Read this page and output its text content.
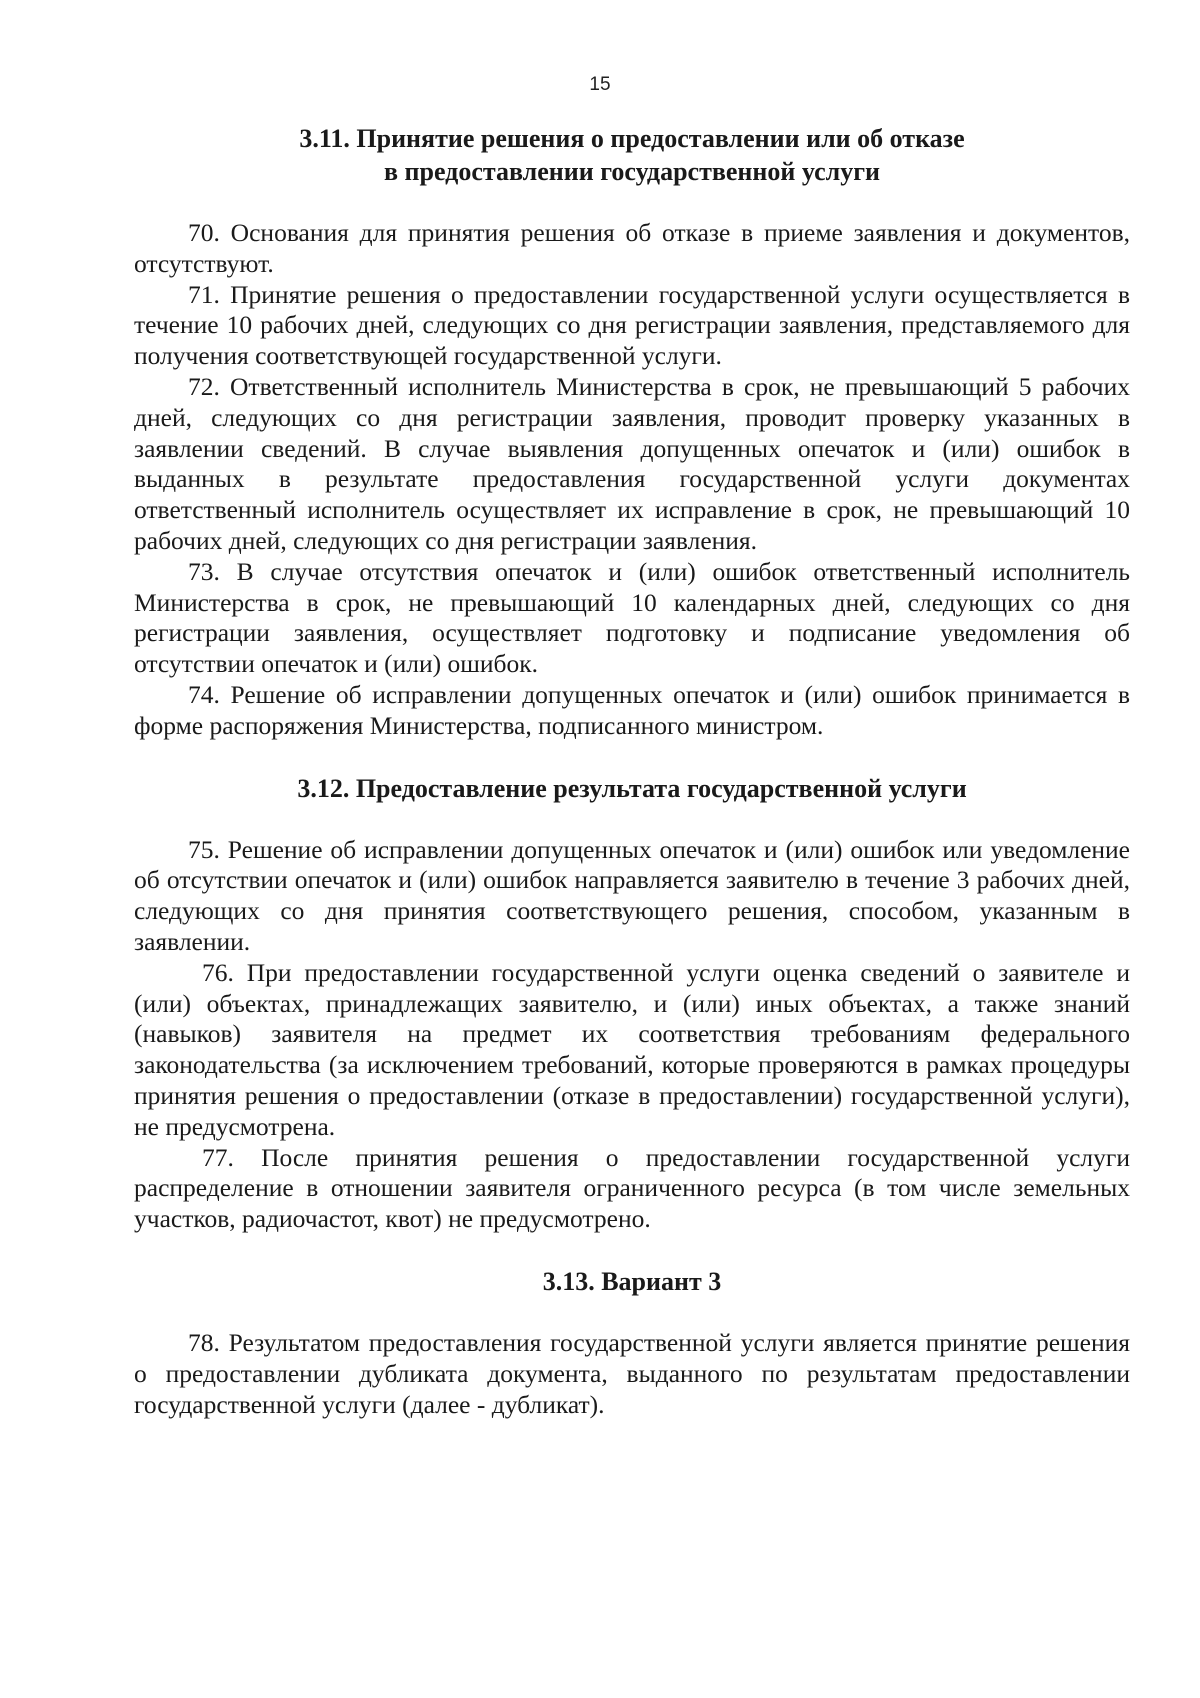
15
3.11. Принятие решения о предоставлении или об отказе
в предоставлении государственной услуги

70. Основания для принятия решения об отказе в приеме заявления и документов, отсутствуют.

71. Принятие решения о предоставлении государственной услуги осуществляется в течение 10 рабочих дней, следующих со дня регистрации заявления, представляемого для получения соответствующей государственной услуги.

72. Ответственный исполнитель Министерства в срок, не превышающий 5 рабочих дней, следующих со дня регистрации заявления, проводит проверку указанных в заявлении сведений. В случае выявления допущенных опечаток и (или) ошибок в выданных в результате предоставления государственной услуги документах ответственный исполнитель осуществляет их исправление в срок, не превышающий 10 рабочих дней, следующих со дня регистрации заявления.

73. В случае отсутствия опечаток и (или) ошибок ответственный исполнитель Министерства в срок, не превышающий 10 календарных дней, следующих со дня регистрации заявления, осуществляет подготовку и подписание уведомления об отсутствии опечаток и (или) ошибок.

74. Решение об исправлении допущенных опечаток и (или) ошибок принимается в форме распоряжения Министерства, подписанного министром.

3.12. Предоставление результата государственной услуги

75. Решение об исправлении допущенных опечаток и (или) ошибок или уведомление об отсутствии опечаток и (или) ошибок направляется заявителю в течение 3 рабочих дней, следующих со дня принятия соответствующего решения, способом, указанным в заявлении.

76. При предоставлении государственной услуги оценка сведений о заявителе и (или) объектах, принадлежащих заявителю, и (или) иных объектах, а также знаний (навыков) заявителя на предмет их соответствия требованиям федерального законодательства (за исключением требований, которые проверяются в рамках процедуры принятия решения о предоставлении (отказе в предоставлении) государственной услуги), не предусмотрена.

77. После принятия решения о предоставлении государственной услуги распределение в отношении заявителя ограниченного ресурса (в том числе земельных участков, радиочастот, квот) не предусмотрено.

3.13. Вариант 3

78. Результатом предоставления государственной услуги является принятие решения о предоставлении дубликата документа, выданного по результатам предоставлении государственной услуги (далее - дубликат).
